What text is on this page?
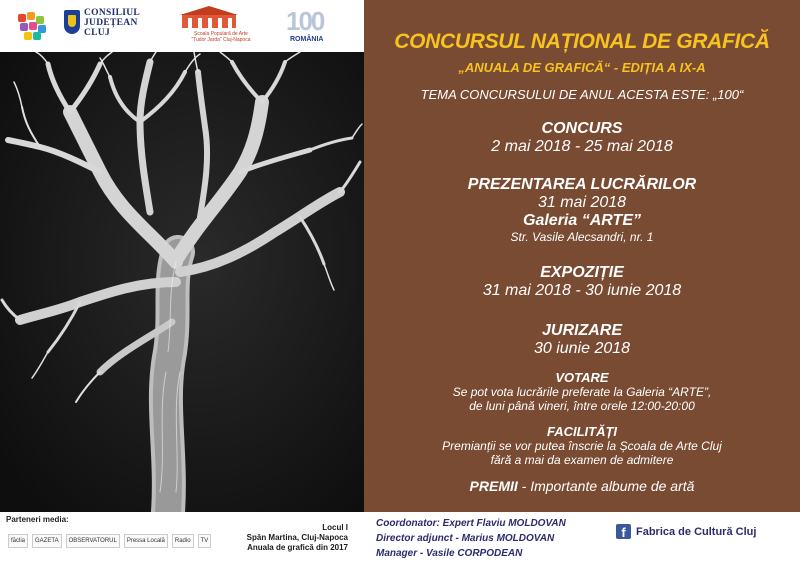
CONSILIUL
JUDEȚEAN
CLUJ	Școala Populară de Arte
“Tudor Jarda” Cluj-Napoca
100
ROMÂNIA
Parteneri media:
făclia	GAZETA	OBSERVATORUL	Pressa Locală	Radio	TV
Locul I
Spân Martina, Cluj-Napoca
Anuala de grafică din 2017
CONCURSUL NAȚIONAL DE GRAFICĂ
„ANUALA DE GRAFICĂ“ - EDIȚIA A IX-A
TEMA CONCURSULUI DE ANUL ACESTA ESTE: „100“
CONCURS
2 mai 2018 - 25 mai 2018
PREZENTAREA LUCRĂRILOR
31 mai 2018
Galeria “ARTE”
Str. Vasile Alecsandri, nr. 1
EXPOZIȚIE
31 mai 2018 - 30 iunie 2018
JURIZARE
30 iunie 2018
VOTARE
Se pot vota lucrările preferate la Galeria “ARTE”,
de luni până vineri, între orele 12:00-20:00
FACILITĂȚI
Premianții se vor putea înscrie la Școala de Arte Cluj
fără a mai da examen de admitere
PREMII - Importante albume de artă
Coordonator: Expert Flaviu MOLDOVAN
Director adjunct - Marius MOLDOVAN
Manager - Vasile CORPODEAN
f Fabrica de Cultură Cluj
